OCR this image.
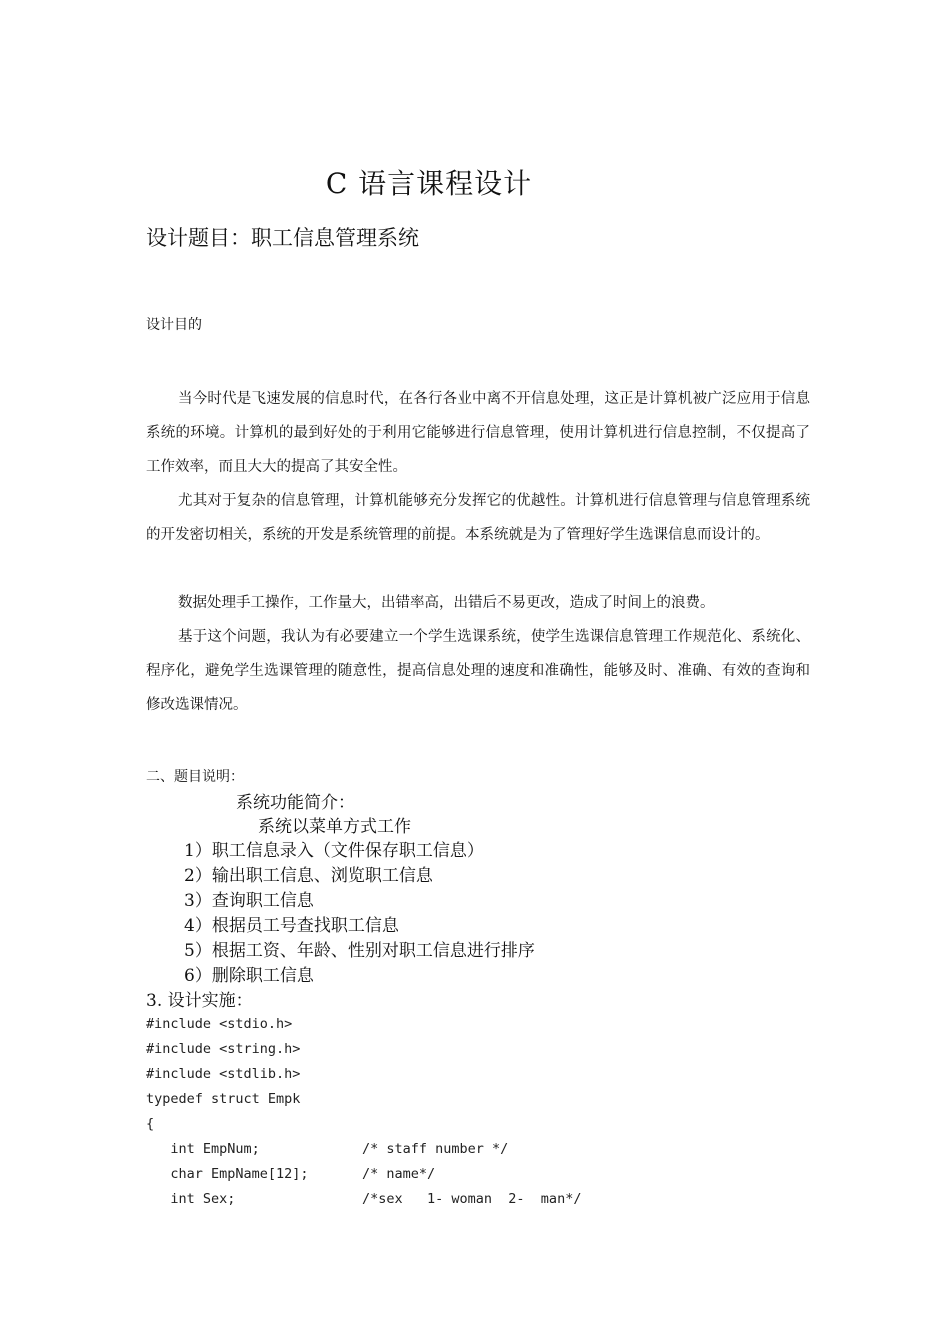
C 语言课程设计
设计题目：职工信息管理系统
设计目的
当今时代是飞速发展的信息时代，在各行各业中离不开信息处理，这正是计算机被广泛应用于信息系统的环境。计算机的最到好处的于利用它能够进行信息管理，使用计算机进行信息控制，不仅提高了工作效率，而且大大的提高了其安全性。
尤其对于复杂的信息管理，计算机能够充分发挥它的优越性。计算机进行信息管理与信息管理系统的开发密切相关，系统的开发是系统管理的前提。本系统就是为了管理好学生选课信息而设计的。
数据处理手工操作，工作量大，出错率高，出错后不易更改，造成了时间上的浪费。
基于这个问题，我认为有必要建立一个学生选课系统，使学生选课信息管理工作规范化、系统化、程序化，避免学生选课管理的随意性，提高信息处理的速度和准确性，能够及时、准确、有效的查询和修改选课情况。
二、题目说明：
系统功能简介：
系统以菜单方式工作
1）职工信息录入（文件保存职工信息）
2）输出职工信息、浏览职工信息
3）查询职工信息
4）根据员工号查找职工信息
5）根据工资、年龄、性别对职工信息进行排序
6）删除职工信息
3. 设计实施：
#include <stdio.h>
#include <string.h>
#include <stdlib.h>
typedef struct Empk
{
int EmpNum;	/* staff number */
char EmpName[12];	/* name*/
int Sex;	/*sex   1- woman  2-  man*/
